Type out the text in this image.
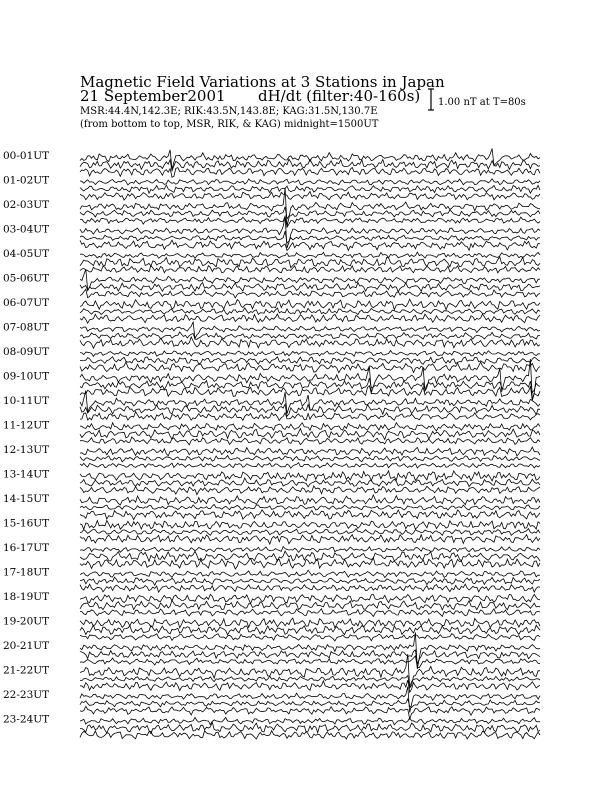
Magnetic Field Variations at 3 Stations in Japan
21 September2001 dH/dt (filter:40-160s)
MSR:44.4N,142.3E; RIK:43.5N,143.8E; KAG:31.5N,130.7E
(from bottom to top, MSR, RIK, & KAG) midnight=1500UT
1.00 nT at T=80s
00-01UT
01-02UT
02-03UT
03-04UT
04-05UT
05-06UT
06-07UT
07-08UT
08-09UT
09-10UT
10-11UT
11-12UT
12-13UT
13-14UT
14-15UT
15-16UT
16-17UT
17-18UT
18-19UT
19-20UT
20-21UT
21-22UT
22-23UT
23-24UT
